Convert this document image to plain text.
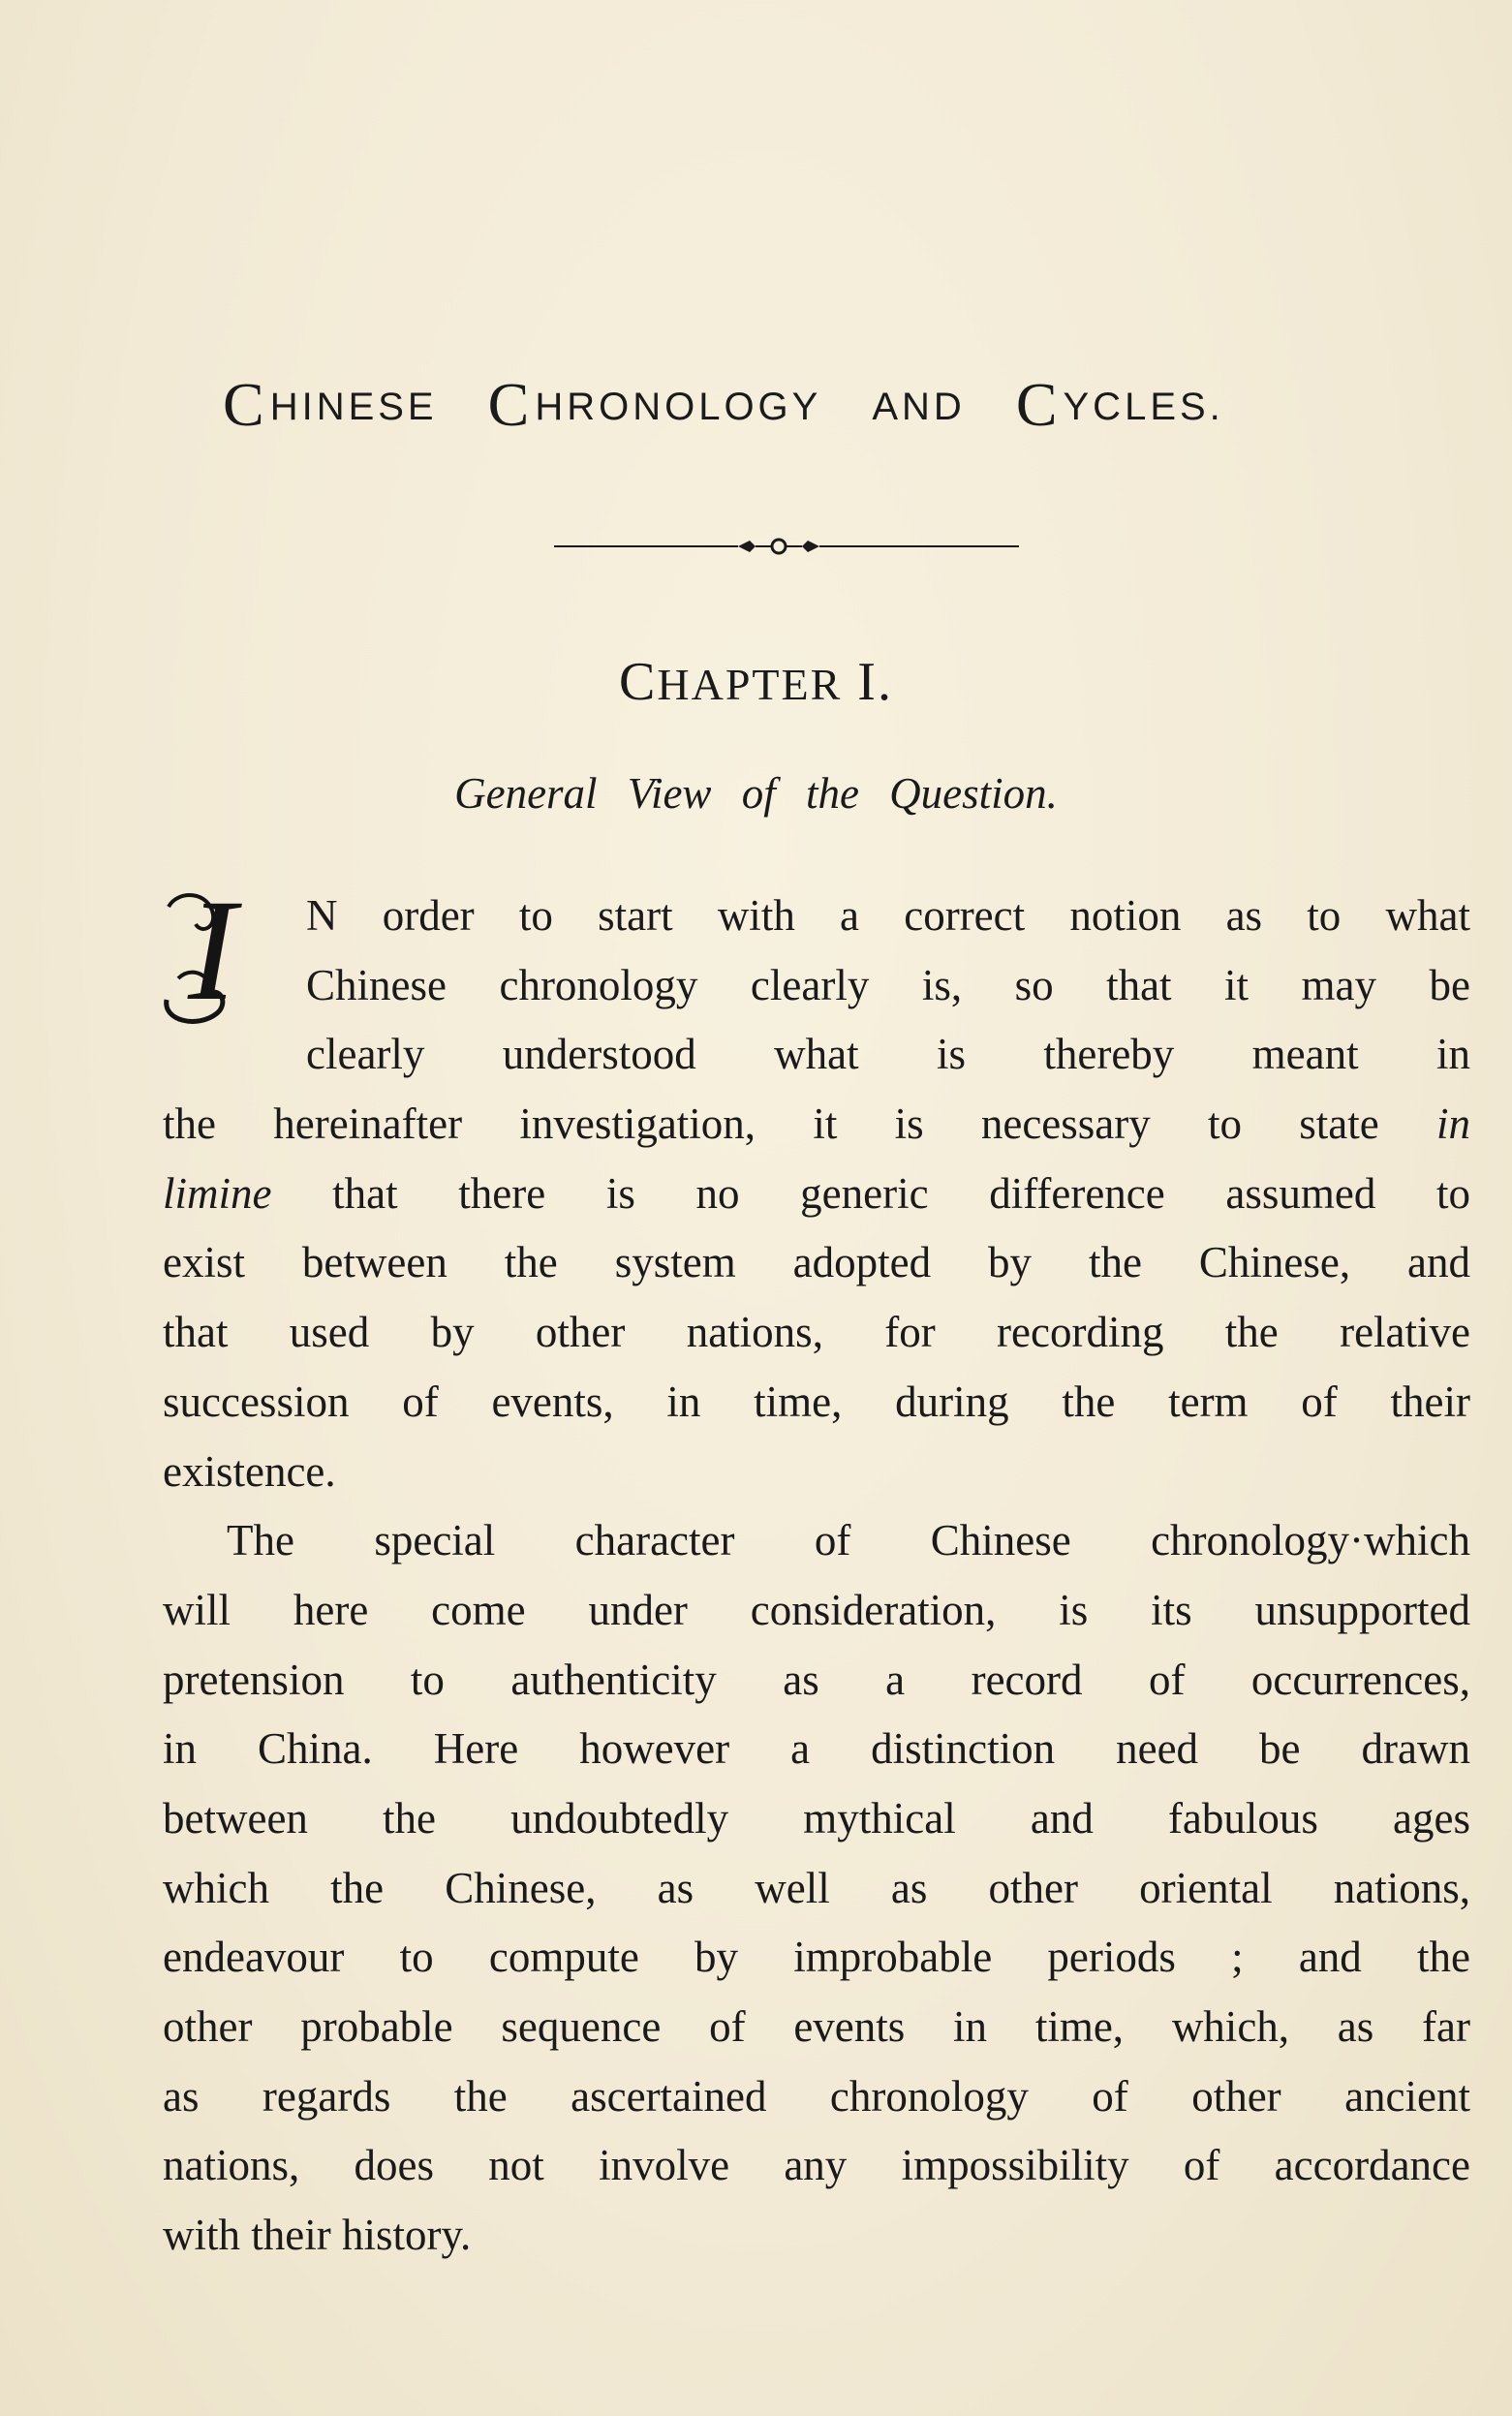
CHINESE CHRONOLOGY AND CYCLES.
CHAPTER I.
General View of the Question.
I	N order to start with a correct notion as to what
Chinese chronology clearly is, so that it may be
clearly understood what is thereby meant in
the hereinafter investigation, it is necessary to state in
limine that there is no generic difference assumed to
exist between the system adopted by the Chinese, and
that used by other nations, for recording the relative
succession of events, in time, during the term of their
existence.
The special character of Chinese chronology·which
will here come under consideration, is its unsupported
pretension to authenticity as a record of occurrences,
in China. Here however a distinction need be drawn
between the undoubtedly mythical and fabulous ages
which the Chinese, as well as other oriental nations,
endeavour to compute by improbable periods ; and the
other probable sequence of events in time, which, as far
as regards the ascertained chronology of other ancient
nations, does not involve any impossibility of accordance
with their history.
